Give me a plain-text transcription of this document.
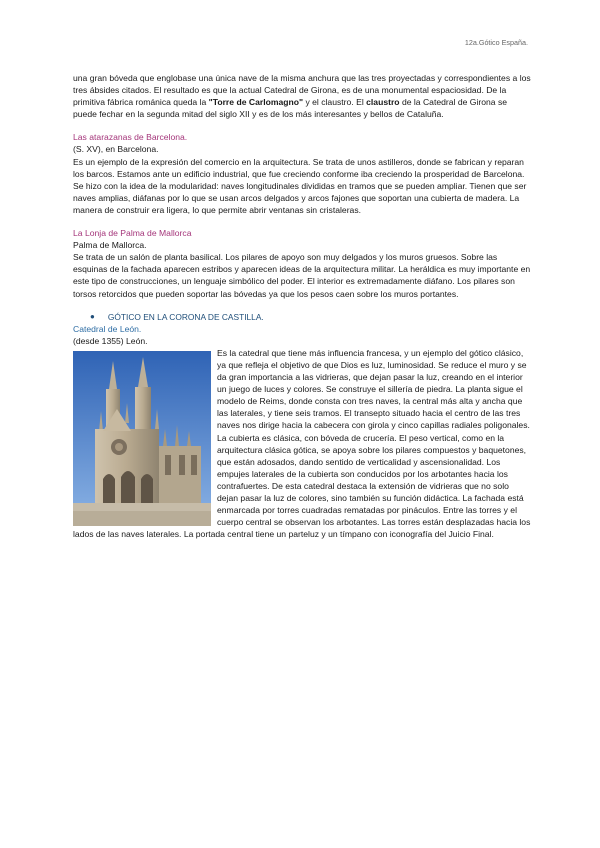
12a.Gótico España.

una gran bóveda que englobase una única nave de la misma anchura que las tres proyectadas y correspondientes a los tres ábsides citados. El resultado es que la actual Catedral de Girona, es de una monumental espaciosidad. De la primitiva fábrica románica queda la "Torre de Carlomagno" y el claustro. El claustro de la Catedral de Girona se puede fechar en la segunda mitad del siglo XII y es de los más interesantes y bellos de Cataluña.

Las atarazanas de Barcelona.

(S. XV), en Barcelona.

Es un ejemplo de la expresión del comercio en la arquitectura. Se trata de unos astilleros, donde se fabrican y reparan los barcos. Estamos ante un edificio industrial, que fue creciendo conforme iba creciendo la prosperidad de Barcelona. Se hizo con la idea de la modularidad: naves longitudinales divididas en tramos que se pueden ampliar. Tienen que ser naves amplias, diáfanas por lo que se usan arcos delgados y arcos fajones que soportan una cubierta de madera. La manera de construir era ligera, lo que permite abrir ventanas sin cristaleras.

La Lonja de Palma de Mallorca

Palma de Mallorca.

Se trata de un salón de planta basilical. Los pilares de apoyo son muy delgados y los muros gruesos. Sobre las esquinas de la fachada aparecen estribos y aparecen ideas de la arquitectura militar. La heráldica es muy importante en este tipo de construcciones, un lenguaje simbólico del poder. El interior es extremadamente diáfano. Los pilares son torsos retorcidos que pueden soportar las bóvedas ya que los pesos caen sobre los muros portantes.

● GÓTICO EN LA CORONA DE CASTILLA.

Catedral de León.

(desde 1355) León.

Es la catedral que tiene más influencia francesa, y un ejemplo del gótico clásico, ya que refleja el objetivo de que Dios es luz, luminosidad. Se reduce el muro y se da gran importancia a las vidrieras, que dejan pasar la luz, creando en el interior un juego de luces y colores. Se construye el sillería de piedra. La planta sigue el modelo de Reims, donde consta con tres naves, la central más alta y ancha que las laterales, y tiene seis tramos. El transepto situado hacia el centro de las tres naves nos dirige hacia la cabecera con girola y cinco capillas radiales poligonales. La cubierta es clásica, con bóveda de crucería. El peso vertical, como en la arquitectura clásica gótica, se apoya sobre los pilares compuestos y baquetones, que están adosados, dando sentido de verticalidad y ascensionalidad. Los empujes laterales de la cubierta son conducidos por los arbotantes hacia los contrafuertes. De esta catedral destaca la extensión de vidrieras que no solo dejan pasar la luz de colores, sino también su función didáctica. La fachada está enmarcada por torres cuadradas rematadas por pináculos. Entre las torres y el cuerpo central se observan los arbotantes. Las torres están desplazadas hacia los lados de las naves laterales. La portada central tiene un parteluz y un tímpano con iconografía del Juicio Final.
